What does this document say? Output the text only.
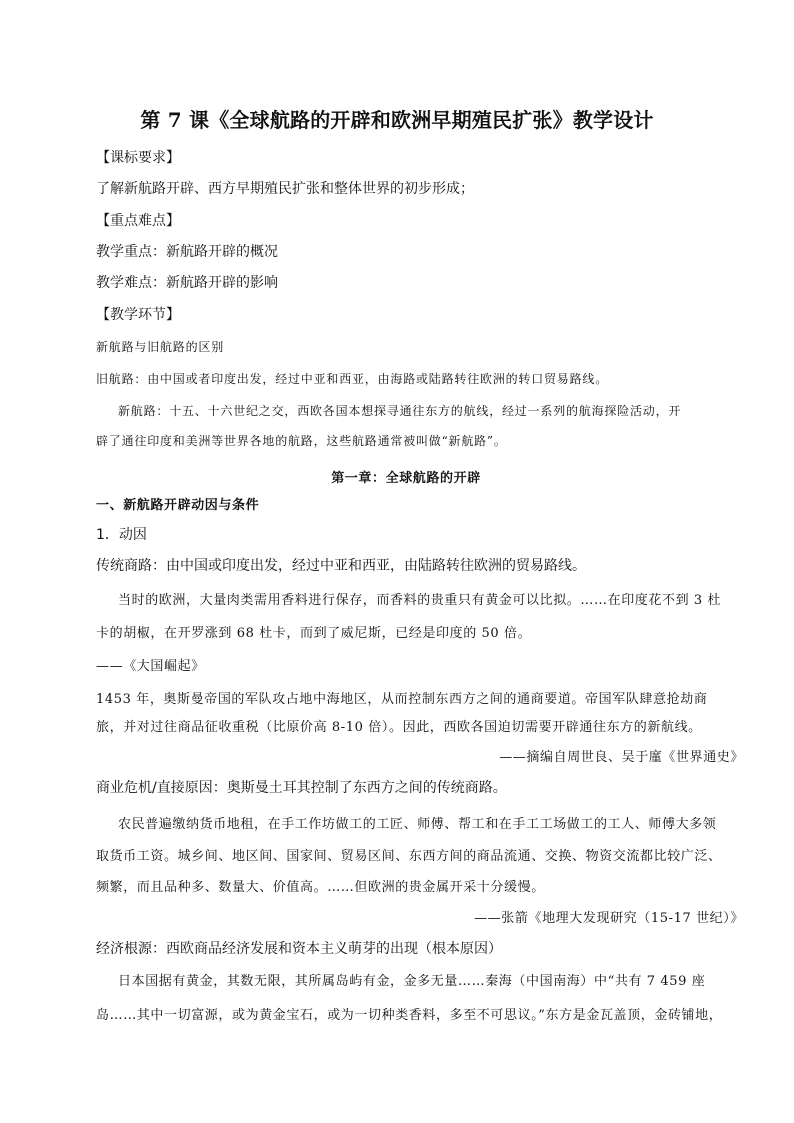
第 7 课《全球航路的开辟和欧洲早期殖民扩张》教学设计
【课标要求】
了解新航路开辟、西方早期殖民扩张和整体世界的初步形成；
【重点难点】
教学重点：新航路开辟的概况
教学难点：新航路开辟的影响
【教学环节】
新航路与旧航路的区别
旧航路：由中国或者印度出发，经过中亚和西亚，由海路或陆路转往欧洲的转口贸易路线。
新航路：十五、十六世纪之交，西欧各国本想探寻通往东方的航线，经过一系列的航海探险活动，开
辟了通往印度和美洲等世界各地的航路，这些航路通常被叫做“新航路”。
第一章：全球航路的开辟
一、新航路开辟动因与条件
1．动因
传统商路：由中国或印度出发，经过中亚和西亚，由陆路转往欧洲的贸易路线。
当时的欧洲，大量肉类需用香料进行保存，而香料的贵重只有黄金可以比拟。……在印度花不到 3 杜
卡的胡椒，在开罗涨到 68 杜卡，而到了威尼斯，已经是印度的 50 倍。
——《大国崛起》
1453 年，奥斯曼帝国的军队攻占地中海地区，从而控制东西方之间的通商要道。帝国军队肆意抢劫商
旅，并对过往商品征收重税（比原价高 8-10 倍）。因此，西欧各国迫切需要开辟通往东方的新航线。
——摘编自周世良、吴于廑《世界通史》
商业危机/直接原因：奥斯曼土耳其控制了东西方之间的传统商路。
农民普遍缴纳货币地租，在手工作坊做工的工匠、师傅、帮工和在手工工场做工的工人、师傅大多领
取货币工资。城乡间、地区间、国家间、贸易区间、东西方间的商品流通、交换、物资交流都比较广泛、
频繁，而且品种多、数量大、价值高。……但欧洲的贵金属开采十分缓慢。
——张箭《地理大发现研究（15-17 世纪）》
经济根源：西欧商品经济发展和资本主义萌芽的出现（根本原因）
日本国据有黄金，其数无限，其所属岛屿有金，金多无量……秦海（中国南海）中“共有 7 459 座
岛……其中一切富源，或为黄金宝石，或为一切种类香料，多至不可思议。”东方是金瓦盖顶，金砖铺地，
